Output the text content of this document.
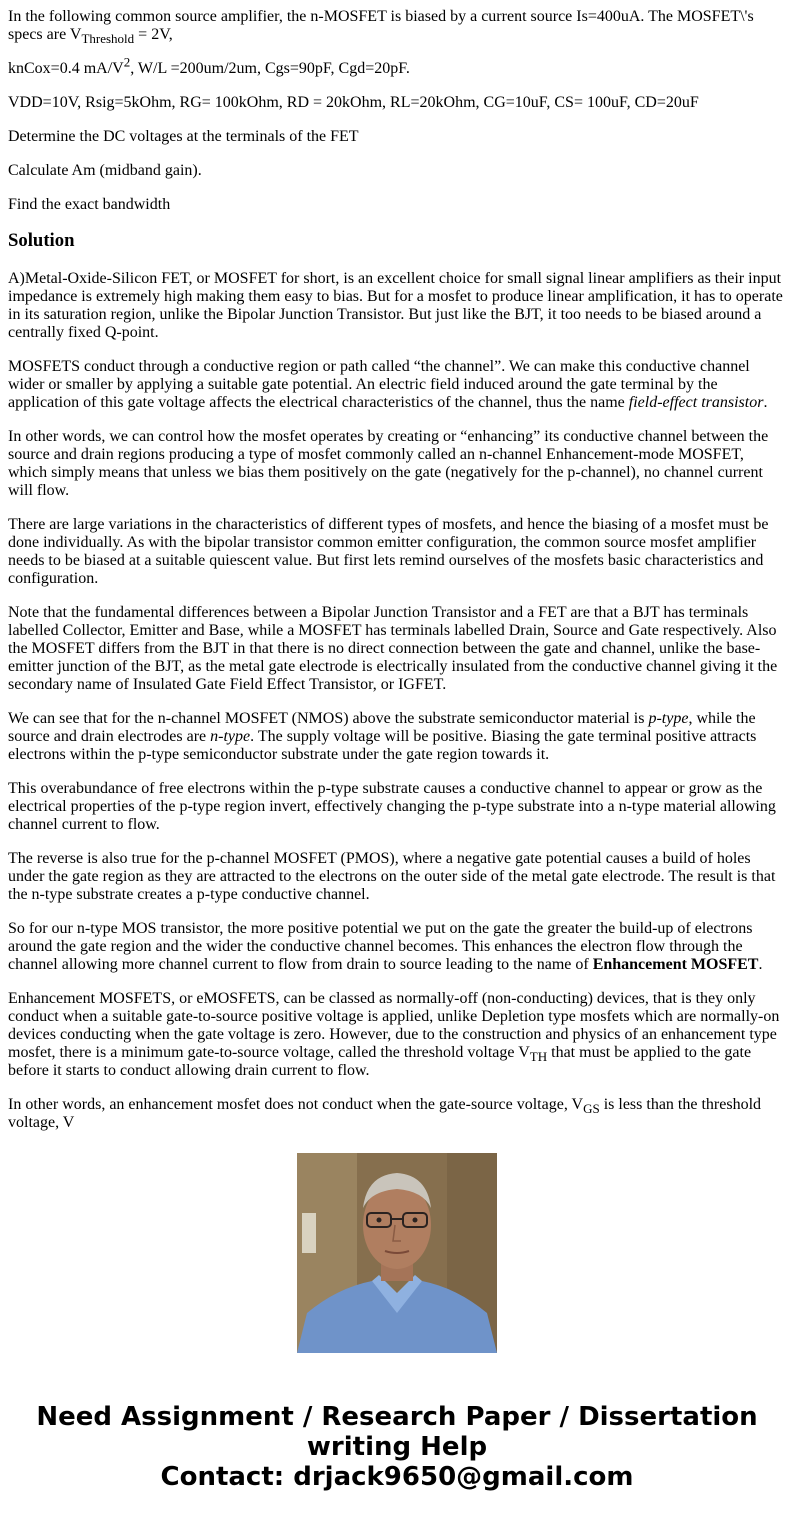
In the following common source amplifier, the n-MOSFET is biased by a current source Is=400uA. The MOSFET\'s specs are $V_{Threshold} = 2V$,

knCox=0.4 $mA/V^2$, W/L =200um/2um, Cgs=90pF, Cgd=20pF.

VDD=10V, Rsig=5kOhm, RG= 100kOhm, RD = 20kOhm, RL=20kOhm, CG=10uF, CS= 100uF, CD=20uF

Determine the DC voltages at the terminals of the FET

Calculate Am (midband gain).

Find the exact bandwidth

Solution

A)Metal-Oxide-Silicon FET, or MOSFET for short, is an excellent choice for small signal linear amplifiers as their input impedance is extremely high making them easy to bias. But for a mosfet to produce linear amplification, it has to operate in its saturation region, unlike the Bipolar Junction Transistor. But just like the BJT, it too needs to be biased around a centrally fixed Q-point.

MOSFETS conduct through a conductive region or path called “the channel”. We can make this conductive channel wider or smaller by applying a suitable gate potential. An electric field induced around the gate terminal by the application of this gate voltage affects the electrical characteristics of the channel, thus the name field-effect transistor.

In other words, we can control how the mosfet operates by creating or “enhancing” its conductive channel between the source and drain regions producing a type of mosfet commonly called an n-channel Enhancement-mode MOSFET, which simply means that unless we bias them positively on the gate (negatively for the p-channel), no channel current will flow.

There are large variations in the characteristics of different types of mosfets, and hence the biasing of a mosfet must be done individually. As with the bipolar transistor common emitter configuration, the common source mosfet amplifier needs to be biased at a suitable quiescent value. But first lets remind ourselves of the mosfets basic characteristics and configuration.

Note that the fundamental differences between a Bipolar Junction Transistor and a FET are that a BJT has terminals labelled Collector, Emitter and Base, while a MOSFET has terminals labelled Drain, Source and Gate respectively. Also the MOSFET differs from the BJT in that there is no direct connection between the gate and channel, unlike the base-emitter junction of the BJT, as the metal gate electrode is electrically insulated from the conductive channel giving it the secondary name of Insulated Gate Field Effect Transistor, or IGFET.

We can see that for the n-channel MOSFET (NMOS) above the substrate semiconductor material is p-type, while the source and drain electrodes are n-type. The supply voltage will be positive. Biasing the gate terminal positive attracts electrons within the p-type semiconductor substrate under the gate region towards it.

This overabundance of free electrons within the p-type substrate causes a conductive channel to appear or grow as the electrical properties of the p-type region invert, effectively changing the p-type substrate into a n-type material allowing channel current to flow.

The reverse is also true for the p-channel MOSFET (PMOS), where a negative gate potential causes a build of holes under the gate region as they are attracted to the electrons on the outer side of the metal gate electrode. The result is that the n-type substrate creates a p-type conductive channel.

So for our n-type MOS transistor, the more positive potential we put on the gate the greater the build-up of electrons around the gate region and the wider the conductive channel becomes. This enhances the electron flow through the channel allowing more channel current to flow from drain to source leading to the name of Enhancement MOSFET.

Enhancement MOSFETS, or eMOSFETS, can be classed as normally-off (non-conducting) devices, that is they only conduct when a suitable gate-to-source positive voltage is applied, unlike Depletion type mosfets which are normally-on devices conducting when the gate voltage is zero. However, due to the construction and physics of an enhancement type mosfet, there is a minimum gate-to-source voltage, called the threshold voltage $V_{TH}$ that must be applied to the gate before it starts to conduct allowing drain current to flow.

In other words, an enhancement mosfet does not conduct when the gate-source voltage, $V_{GS}$ is less than the threshold voltage, V

Need Assignment / Research Paper / Dissertation
writing Help
Contact: drjack9650@gmail.com
